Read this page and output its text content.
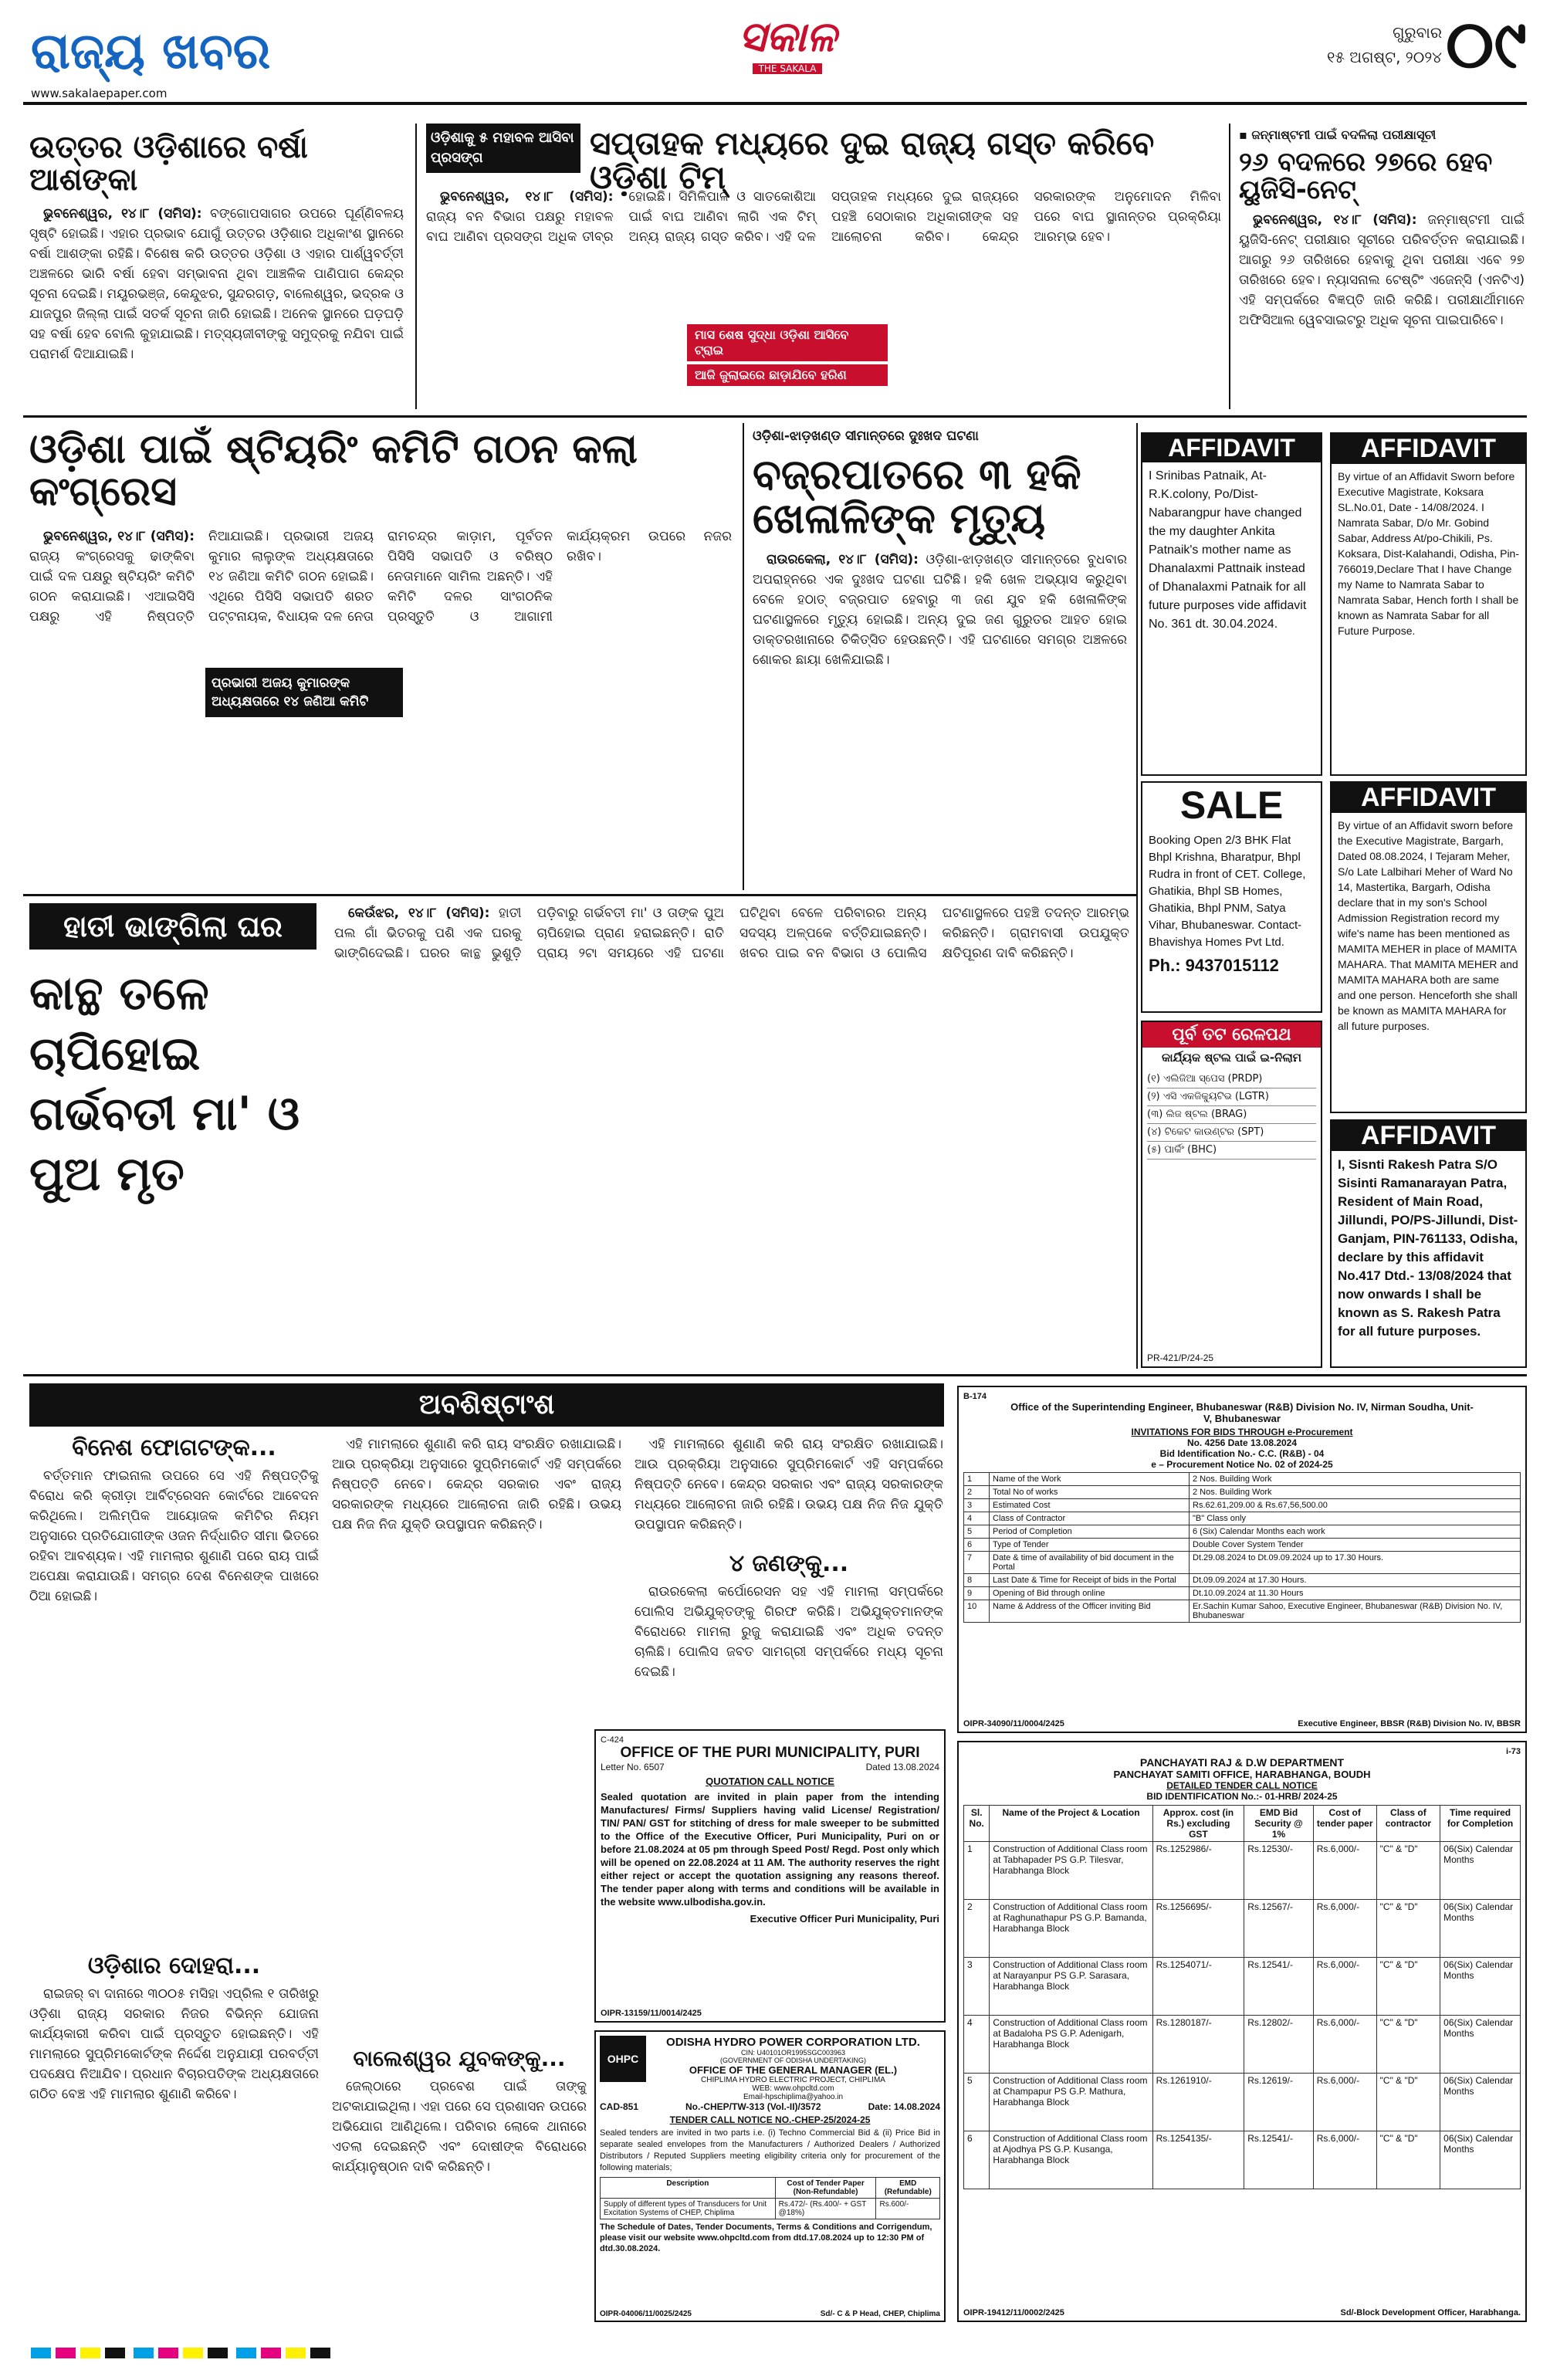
ରାଜ୍ୟ ଖବର
www.sakalaepaper.com
ସକାଳ
THE SAKALA
ଗୁରୁବାର
୧୫ ଅଗଷ୍ଟ, ୨୦୨୪ ୦୯
ଉତ୍ତର ଓଡ଼ିଶାରେ ବର୍ଷା ଆଶଙ୍କା

ଭୁବନେଶ୍ୱର, ୧୪।୮ (ସମିସ): ବଙ୍ଗୋପସାଗର ଉପରେ ଘୂର୍ଣ୍ଣିବଳୟ ସୃଷ୍ଟି ହୋଇଛି। ଏହାର ପ୍ରଭାବ ଯୋଗୁଁ ଉତ୍ତର ଓଡ଼ିଶାର ଅଧିକାଂଶ ସ୍ଥାନରେ ବର୍ଷା ଆଶଙ୍କା ରହିଛି। ବିଶେଷ କରି ଉତ୍ତର ଓଡ଼ିଶା ଓ ଏହାର ପାର୍ଶ୍ୱବର୍ତ୍ତୀ ଅଞ୍ଚଳରେ ଭାରି ବର୍ଷା ହେବା ସମ୍ଭାବନା ଥିବା ଆଞ୍ଚଳିକ ପାଣିପାଗ କେନ୍ଦ୍ର ସୂଚନା ଦେଇଛି। ମୟୂରଭଞ୍ଜ, କେନ୍ଦୁଝର, ସୁନ୍ଦରଗଡ଼, ବାଲେଶ୍ୱର, ଭଦ୍ରକ ଓ ଯାଜପୁର ଜିଲ୍ଲା ପାଇଁ ସତର୍କ ସୂଚନା ଜାରି ହୋଇଛି। ଅନେକ ସ୍ଥାନରେ ଘଡ଼ଘଡ଼ି ସହ ବର୍ଷା ହେବ ବୋଲି କୁହାଯାଇଛି। ମତ୍ସ୍ୟଜୀବୀଙ୍କୁ ସମୁଦ୍ରକୁ ନଯିବା ପାଇଁ ପରାମର୍ଶ ଦିଆଯାଇଛି।

ଓଡ଼ିଶାକୁ ୫ ମହାବଳ ଆସିବା ପ୍ରସଙ୍ଗ	ସପ୍ତାହକ ମଧ୍ୟରେ ଦୁଇ ରାଜ୍ୟ ଗସ୍ତ କରିବେ ଓଡ଼ିଶା ଟିମ୍

ଭୁବନେଶ୍ୱର, ୧୪।୮ (ସମିସ): ରାଜ୍ୟ ବନ ବିଭାଗ ପକ୍ଷରୁ ମହାବଳ ବାଘ ଆଣିବା ପ୍ରସଙ୍ଗ ଅଧିକ ତୀବ୍ର ହୋଇଛି। ସିମିଳିପାଳ ଓ ସାତକୋଶିଆ ପାଇଁ ବାଘ ଆଣିବା ଲାଗି ଏକ ଟିମ୍ ଅନ୍ୟ ରାଜ୍ୟ ଗସ୍ତ କରିବ। ଏହି ଦଳ ସପ୍ତାହକ ମଧ୍ୟରେ ଦୁଇ ରାଜ୍ୟରେ ପହଞ୍ଚି ସେଠାକାର ଅଧିକାରୀଙ୍କ ସହ ଆଲୋଚନା କରିବ। କେନ୍ଦ୍ର ସରକାରଙ୍କ ଅନୁମୋଦନ ମିଳିବା ପରେ ବାଘ ସ୍ଥାନାନ୍ତର ପ୍ରକ୍ରିୟା ଆରମ୍ଭ ହେବ।

ମାସ ଶେଷ ସୁଦ୍ଧା ଓଡ଼ିଶା ଆସିବେ ଟ୍ରାଇ
ଆଜି ଜୁଲାଇରେ ଛାଡ଼ାଯିବେ ହରିଣ
▪ ଜନ୍ମାଷ୍ଟମୀ ପାଇଁ ବଦଳିଲା ପରୀକ୍ଷାସୂଚୀ
୨୬ ବଦଳରେ ୨୭ରେ ହେବ ୟୁଜିସି-ନେଟ୍

ଭୁବନେଶ୍ୱର, ୧୪।୮ (ସମିସ): ଜନ୍ମାଷ୍ଟମୀ ପାଇଁ ୟୁଜିସି-ନେଟ୍ ପରୀକ୍ଷାର ସୂଚୀରେ ପରିବର୍ତ୍ତନ କରାଯାଇଛି। ଆଗରୁ ୨୬ ତାରିଖରେ ହେବାକୁ ଥିବା ପରୀକ୍ଷା ଏବେ ୨୭ ତାରିଖରେ ହେବ। ନ୍ୟାସନାଲ ଟେଷ୍ଟିଂ ଏଜେନ୍ସି (ଏନଟିଏ) ଏହି ସମ୍ପର୍କରେ ବିଜ୍ଞପ୍ତି ଜାରି କରିଛି। ପରୀକ୍ଷାର୍ଥୀମାନେ ଅଫିସିଆଲ ୱେବସାଇଟରୁ ଅଧିକ ସୂଚନା ପାଇପାରିବେ।

ଓଡ଼ିଶା ପାଇଁ ଷ୍ଟିୟରିଂ କମିଟି ଗଠନ କଲା କଂଗ୍ରେସ

ଭୁବନେଶ୍ୱର, ୧୪।୮ (ସମିସ): ରାଜ୍ୟ କଂଗ୍ରେସକୁ ଢାଙ୍କିବା ପାଇଁ ଦଳ ପକ୍ଷରୁ ଷ୍ଟିୟରିଂ କମିଟି ଗଠନ କରାଯାଇଛି। ଏଆଇସିସି ପକ୍ଷରୁ ଏହି ନିଷ୍ପତ୍ତି ନିଆଯାଇଛି। ପ୍ରଭାରୀ ଅଜୟ କୁମାର ଲାଲୁଙ୍କ ଅଧ୍ୟକ୍ଷତାରେ ୧୪ ଜଣିଆ କମିଟି ଗଠନ ହୋଇଛି। ଏଥିରେ ପିସିସି ସଭାପତି ଶରତ ପଟ୍ଟନାୟକ, ବିଧାୟକ ଦଳ ନେତା ରାମଚନ୍ଦ୍ର କାଡ଼ାମ, ପୂର୍ବତନ ପିସିସି ସଭାପତି ଓ ବରିଷ୍ଠ ନେତାମାନେ ସାମିଲ ଅଛନ୍ତି। ଏହି କମିଟି ଦଳର ସାଂଗଠନିକ ପ୍ରସ୍ତୁତି ଓ ଆଗାମୀ କାର୍ଯ୍ୟକ୍ରମ ଉପରେ ନଜର ରଖିବ।

ପ୍ରଭାରୀ ଅଜୟ କୁମାରଙ୍କ ଅଧ୍ୟକ୍ଷତାରେ ୧୪ ଜଣିଆ କମିଟି
ଓଡ଼ିଶା-ଝାଡ଼ଖଣ୍ଡ ସୀମାନ୍ତରେ ଦୁଃଖଦ ଘଟଣା
ବଜ୍ରପାତରେ ୩ ହକି ଖେଳାଳିଙ୍କ ମୃତ୍ୟୁ

ରାଉରକେଲା, ୧୪।୮ (ସମିସ): ଓଡ଼ିଶା-ଝାଡ଼ଖଣ୍ଡ ସୀମାନ୍ତରେ ବୁଧବାର ଅପରାହ୍ନରେ ଏକ ଦୁଃଖଦ ଘଟଣା ଘଟିଛି। ହକି ଖେଳ ଅଭ୍ୟାସ କରୁଥିବା ବେଳେ ହଠାତ୍ ବଜ୍ରପାତ ହେବାରୁ ୩ ଜଣ ଯୁବ ହକି ଖେଳାଳିଙ୍କ ଘଟଣାସ୍ଥଳରେ ମୃତ୍ୟୁ ହୋଇଛି। ଅନ୍ୟ ଦୁଇ ଜଣ ଗୁରୁତର ଆହତ ହୋଇ ଡାକ୍ତରଖାନାରେ ଚିକିତ୍ସିତ ହେଉଛନ୍ତି। ଏହି ଘଟଣାରେ ସମଗ୍ର ଅଞ୍ଚଳରେ ଶୋକର ଛାୟା ଖେଳିଯାଇଛି।

AFFIDAVIT
I Srinibas Patnaik, At-R.K.colony, Po/Dist-Nabarangpur have changed the my daughter Ankita Patnaik's mother name as Dhanalaxmi Pattnaik instead of Dhanalaxmi Patnaik for all future purposes vide affidavit No. 361 dt. 30.04.2024.
AFFIDAVIT
By virtue of an Affidavit Sworn before Executive Magistrate, Koksara SL.No.01, Date - 14/08/2024. I Namrata Sabar, D/o Mr. Gobind Sabar, Address At/po-Chikili, Ps. Koksara, Dist-Kalahandi, Odisha, Pin-766019,Declare That I have Change my Name to Namrata Sabar to Namrata Sabar, Hench forth I shall be known as Namrata Sabar for all Future Purpose.
SALE
Booking Open 2/3 BHK Flat Bhpl Krishna, Bharatpur, Bhpl Rudra in front of CET. College, Ghatikia, Bhpl SB Homes, Ghatikia, Bhpl PNM, Satya Vihar, Bhubaneswar. Contact-Bhavishya Homes Pvt Ltd.
Ph.: 9437015112
AFFIDAVIT
By virtue of an Affidavit sworn before the Executive Magistrate, Bargarh, Dated 08.08.2024, I Tejaram Meher, S/o Late Lalbihari Meher of Ward No 14, Mastertika, Bargarh, Odisha declare that in my son's School Admission Registration record my wife's name has been mentioned as MAMITA MEHER in place of MAMITA MAHARA. That MAMITA MEHER and MAMITA MAHARA both are same and one person. Henceforth she shall be known as MAMITA MAHARA for all future purposes.
ପୂର୍ବ ତଟ ରେଳପଥ
କାର୍ଯ୍ୟିକ ଷ୍ଟଲ ପାଇଁ ଇ-ନିଲାମ
(୧) ଏଲିଜିଆ ସ୍ପେସ (PRDP)
(୨) ଏସି ଏକଜିକ୍ୟୁଟିଭ (LGTR)
(୩) ଲିଜ ଷ୍ଟଲ (BRAG)
(୪) ଟିକେଟ କାଉଣ୍ଟର (SPT)
(୫) ପାର୍କିଂ (BHC)
PR-421/P/24-25
AFFIDAVIT
I, Sisnti Rakesh Patra S/O Sisinti Ramanarayan Patra, Resident of Main Road, Jillundi, PO/PS-Jillundi, Dist-Ganjam, PIN-761133, Odisha, declare by this affidavit No.417 Dtd.- 13/08/2024 that now onwards I shall be known as S. Rakesh Patra for all future purposes.
ହାତୀ ଭାଙ୍ଗିଲା ଘର
କାନ୍ଥ ତଳେ ଚାପିହୋଇ ଗର୍ଭବତୀ ମା' ଓ ପୁଅ ମୃତ

କେଉଁଝର, ୧୪।୮ (ସମିସ): ହାତୀ ପଲ ଗାଁ ଭିତରକୁ ପଶି ଏକ ଘରକୁ ଭାଙ୍ଗିଦେଇଛି। ଘରର କାନ୍ଥ ଭୁଶୁଡ଼ି ପଡ଼ିବାରୁ ଗର୍ଭବତୀ ମା' ଓ ତାଙ୍କ ପୁଅ ଚାପିହୋଇ ପ୍ରାଣ ହରାଇଛନ୍ତି। ରାତି ପ୍ରାୟ ୨ଟା ସମୟରେ ଏହି ଘଟଣା ଘଟିଥିବା ବେଳେ ପରିବାରର ଅନ୍ୟ ସଦସ୍ୟ ଅଳ୍ପକେ ବର୍ତ୍ତିଯାଇଛନ୍ତି। ଖବର ପାଇ ବନ ବିଭାଗ ଓ ପୋଲିସ ଘଟଣାସ୍ଥଳରେ ପହଞ୍ଚି ତଦନ୍ତ ଆରମ୍ଭ କରିଛନ୍ତି। ଗ୍ରାମବାସୀ ଉପଯୁକ୍ତ କ୍ଷତିପୂରଣ ଦାବି କରିଛନ୍ତି।

ଅବଶିଷ୍ଟାଂଶ
ବିନେଶ ଫୋଗଟଙ୍କ...

ବର୍ତ୍ତମାନ ଫାଇନାଲ ଉପରେ ସେ ଏହି ନିଷ୍ପତ୍ତିକୁ ବିରୋଧ କରି କ୍ରୀଡ଼ା ଆର୍ବିଟ୍ରେସନ କୋର୍ଟରେ ଆବେଦନ କରିଥିଲେ। ଅଲିମ୍ପିକ ଆୟୋଜକ କମିଟିର ନିୟମ ଅନୁସାରେ ପ୍ରତିଯୋଗୀଙ୍କ ଓଜନ ନିର୍ଦ୍ଧାରିତ ସୀମା ଭିତରେ ରହିବା ଆବଶ୍ୟକ। ଏହି ମାମଲାର ଶୁଣାଣି ପରେ ରାୟ ପାଇଁ ଅପେକ୍ଷା କରାଯାଉଛି। ସମଗ୍ର ଦେଶ ବିନେଶଙ୍କ ପାଖରେ ଠିଆ ହୋଇଛି।

ଓଡ଼ିଶାର ଦୋହରା...

ରାଇଜର୍ ବା ଦାନାରେ ୩୦୦୫ ମସିହା ଏପ୍ରିଲ ୧ ତାରିଖରୁ ଓଡ଼ିଶା ରାଜ୍ୟ ସରକାର ନିଜର ବିଭିନ୍ନ ଯୋଜନା କାର୍ଯ୍ୟକାରୀ କରିବା ପାଇଁ ପ୍ରସ୍ତୁତ ହୋଇଛନ୍ତି। ଏହି ମାମଲାରେ ସୁପ୍ରିମକୋର୍ଟଙ୍କ ନିର୍ଦ୍ଦେଶ ଅନୁଯାୟୀ ପରବର୍ତ୍ତୀ ପଦକ୍ଷେପ ନିଆଯିବ। ପ୍ରଧାନ ବିଚାରପତିଙ୍କ ଅଧ୍ୟକ୍ଷତାରେ ଗଠିତ ବେଞ୍ଚ ଏହି ମାମଲାର ଶୁଣାଣି କରିବେ।

ଏହି ମାମଲାରେ ଶୁଣାଣି କରି ରାୟ ସଂରକ୍ଷିତ ରଖାଯାଇଛି। ଆଉ ପ୍ରକ୍ରିୟା ଅନୁସାରେ ସୁପ୍ରିମକୋର୍ଟ ଏହି ସମ୍ପର୍କରେ ନିଷ୍ପତ୍ତି ନେବେ। କେନ୍ଦ୍ର ସରକାର ଏବଂ ରାଜ୍ୟ ସରକାରଙ୍କ ମଧ୍ୟରେ ଆଲୋଚନା ଜାରି ରହିଛି। ଉଭୟ ପକ୍ଷ ନିଜ ନିଜ ଯୁକ୍ତି ଉପସ୍ଥାପନ କରିଛନ୍ତି।

ଏହି ମାମଲାରେ ଶୁଣାଣି କରି ରାୟ ସଂରକ୍ଷିତ ରଖାଯାଇଛି। ଆଉ ପ୍ରକ୍ରିୟା ଅନୁସାରେ ସୁପ୍ରିମକୋର୍ଟ ଏହି ସମ୍ପର୍କରେ ନିଷ୍ପତ୍ତି ନେବେ। କେନ୍ଦ୍ର ସରକାର ଏବଂ ରାଜ୍ୟ ସରକାରଙ୍କ ମଧ୍ୟରେ ଆଲୋଚନା ଜାରି ରହିଛି। ଉଭୟ ପକ୍ଷ ନିଜ ନିଜ ଯୁକ୍ତି ଉପସ୍ଥାପନ କରିଛନ୍ତି।

୪ ଜଣଙ୍କୁ...

ରାଉରକେଲା କର୍ପୋରେସନ ସହ ଏହି ମାମଲା ସମ୍ପର୍କରେ ପୋଲିସ ଅଭିଯୁକ୍ତଙ୍କୁ ଗିରଫ କରିଛି। ଅଭିଯୁକ୍ତମାନଙ୍କ ବିରୋଧରେ ମାମଲା ରୁଜୁ କରାଯାଇଛି ଏବଂ ଅଧିକ ତଦନ୍ତ ଚାଲିଛି। ପୋଲିସ ଜବତ ସାମଗ୍ରୀ ସମ୍ପର୍କରେ ମଧ୍ୟ ସୂଚନା ଦେଇଛି।

C-424
OFFICE OF THE PURI MUNICIPALITY, PURI
Letter No. 6507	Dated 13.08.2024
QUOTATION CALL NOTICE
Sealed quotation are invited in plain paper from the intending Manufactures/ Firms/ Suppliers having valid License/ Registration/ TIN/ PAN/ GST for stitching of dress for male sweeper to be submitted to the Office of the Executive Officer, Puri Municipality, Puri on or before 21.08.2024 at 05 pm through Speed Post/ Regd. Post only which will be opened on 22.08.2024 at 11 AM. The authority reserves the right either reject or accept the quotation assigning any reasons thereof. The tender paper along with terms and conditions will be available in the website www.ulbodisha.gov.in.
Executive Officer Puri Municipality, Puri
OIPR-13159/11/0014/2425
OHPC
ODISHA HYDRO POWER CORPORATION LTD.
CIN: U40101OR1995SGC003963
(GOVERNMENT OF ODISHA UNDERTAKING)
OFFICE OF THE GENERAL MANAGER (EL.)
CHIPLIMA HYDRO ELECTRIC PROJECT, CHIPLIMA
WEB: www.ohpcltd.com
Email-hpschiplima@yahoo.in
CAD-851	No.-CHEP/TW-313 (Vol.-II)/3572	Date: 14.08.2024
TENDER CALL NOTICE NO.-CHEP-25/2024-25
Sealed tenders are invited in two parts i.e. (i) Techno Commercial Bid & (ii) Price Bid in separate sealed envelopes from the Manufacturers / Authorized Dealers / Authorized Distributors / Reputed Suppliers meeting eligibility criteria only for procurement of the following materials;
Description	Cost of Tender Paper (Non-Refundable)	EMD (Refundable)
Supply of different types of Transducers for Unit Excitation Systems of CHEP, Chiplima	Rs.472/- (Rs.400/- + GST @18%)	Rs.600/-
The Schedule of Dates, Tender Documents, Terms & Conditions and Corrigendum, please visit our website www.ohpcltd.com from dtd.17.08.2024 up to 12:30 PM of dtd.30.08.2024.
OIPR-04006/11/0025/2425	Sd/- C & P Head, CHEP, Chiplima
ବାଲେଶ୍ୱର ଯୁବକଙ୍କୁ...

ଜେଲ୍‌ଠାରେ ପ୍ରବେଶ ପାଇଁ ତାଙ୍କୁ ଅଟକାଯାଇଥିଲା। ଏହା ପରେ ସେ ପ୍ରଶାସନ ଉପରେ ଅଭିଯୋଗ ଆଣିଥିଲେ। ପରିବାର ଲୋକେ ଥାନାରେ ଏତଲା ଦେଇଛନ୍ତି ଏବଂ ଦୋଷୀଙ୍କ ବିରୋଧରେ କାର୍ଯ୍ୟାନୁଷ୍ଠାନ ଦାବି କରିଛନ୍ତି।

B-174
Office of the Superintending Engineer, Bhubaneswar (R&B) Division No. IV, Nirman Soudha, Unit-V, Bhubaneswar
INVITATIONS FOR BIDS THROUGH e-Procurement
No. 4256 Date 13.08.2024
Bid Identification No.- C.C. (R&B) - 04
e – Procurement Notice No. 02 of 2024-25
1	Name of the Work	2 Nos. Building Work
2	Total No of works	2 Nos. Building Work
3	Estimated Cost	Rs.62.61,209.00 & Rs.67,56,500.00
4	Class of Contractor	"B" Class only
5	Period of Completion	6 (Six) Calendar Months each work
6	Type of Tender	Double Cover System Tender
7	Date & time of availability of bid document in the Portal	Dt.29.08.2024 to Dt.09.09.2024 up to 17.30 Hours.
8	Last Date & Time for Receipt of bids in the Portal	Dt.09.09.2024 at 17.30 Hours.
9	Opening of Bid through online	Dt.10.09.2024 at 11.30 Hours
10	Name & Address of the Officer inviting Bid	Er.Sachin Kumar Sahoo, Executive Engineer, Bhubaneswar (R&B) Division No. IV, Bhubaneswar
OIPR-34090/11/0004/2425	Executive Engineer, BBSR (R&B) Division No. IV, BBSR
i-73
PANCHAYATI RAJ & D.W DEPARTMENT
PANCHAYAT SAMITI OFFICE, HARABHANGA, BOUDH
DETAILED TENDER CALL NOTICE
BID IDENTIFICATION No.:- 01-HRB/ 2024-25
Sl. No.	Name of the Project & Location	Approx. cost (in Rs.) excluding GST	EMD Bid Security @ 1%	Cost of tender paper	Class of contractor	Time required for Completion
1	Construction of Additional Class room at Tabhapader PS G.P. Tilesvar, Harabhanga Block	Rs.1252986/-	Rs.12530/-	Rs.6,000/-	"C" & "D"	06(Six) Calendar Months
2	Construction of Additional Class room at Raghunathapur PS G.P. Bamanda, Harabhanga Block	Rs.1256695/-	Rs.12567/-	Rs.6,000/-	"C" & "D"	06(Six) Calendar Months
3	Construction of Additional Class room at Narayanpur PS G.P. Sarasara, Harabhanga Block	Rs.1254071/-	Rs.12541/-	Rs.6,000/-	"C" & "D"	06(Six) Calendar Months
4	Construction of Additional Class room at Badaloha PS G.P. Adenigarh, Harabhanga Block	Rs.1280187/-	Rs.12802/-	Rs.6,000/-	"C" & "D"	06(Six) Calendar Months
5	Construction of Additional Class room at Champapur PS G.P. Mathura, Harabhanga Block	Rs.1261910/-	Rs.12619/-	Rs.6,000/-	"C" & "D"	06(Six) Calendar Months
6	Construction of Additional Class room at Ajodhya PS G.P. Kusanga, Harabhanga Block	Rs.1254135/-	Rs.12541/-	Rs.6,000/-	"C" & "D"	06(Six) Calendar Months
OIPR-19412/11/0002/2425	Sd/-Block Development Officer, Harabhanga.
